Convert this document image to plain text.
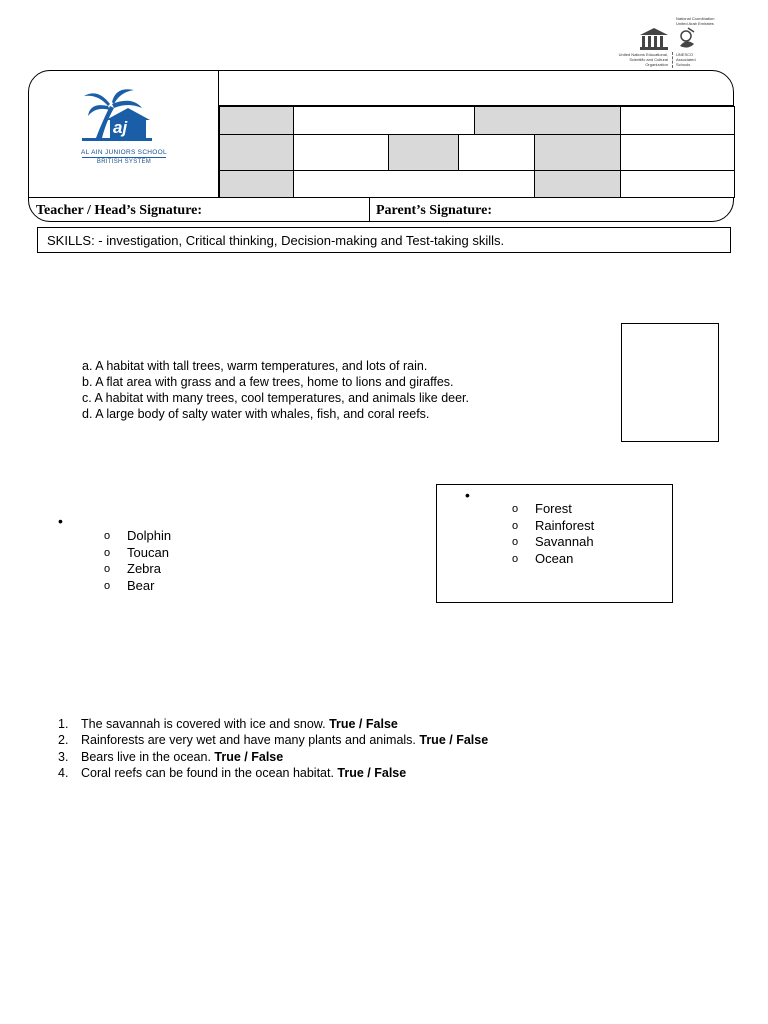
National Coordination United Arab Emirates
United Nations Educational, Scientific and Cultural Organization
UNESCO Associated Schools
aj
AL AIN JUNIORS SCHOOL
BRITISH SYSTEM
Teacher / Head’s Signature:	Parent’s Signature:
SKILLS: - investigation, Critical thinking, Decision-making and Test-taking skills.
a. A habitat with tall trees, warm temperatures, and lots of rain.
b. A flat area with grass and a few trees, home to lions and giraffes.
c. A habitat with many trees, cool temperatures, and animals like deer.
d. A large body of salty water with whales, fish, and coral reefs.
•
o Dolphin
o Toucan
o Zebra
o Bear
•
o Forest
o Rainforest
o Savannah
o Ocean
1. The savannah is covered with ice and snow. True / False
2. Rainforests are very wet and have many plants and animals. True / False
3. Bears live in the ocean. True / False
4. Coral reefs can be found in the ocean habitat. True / False
